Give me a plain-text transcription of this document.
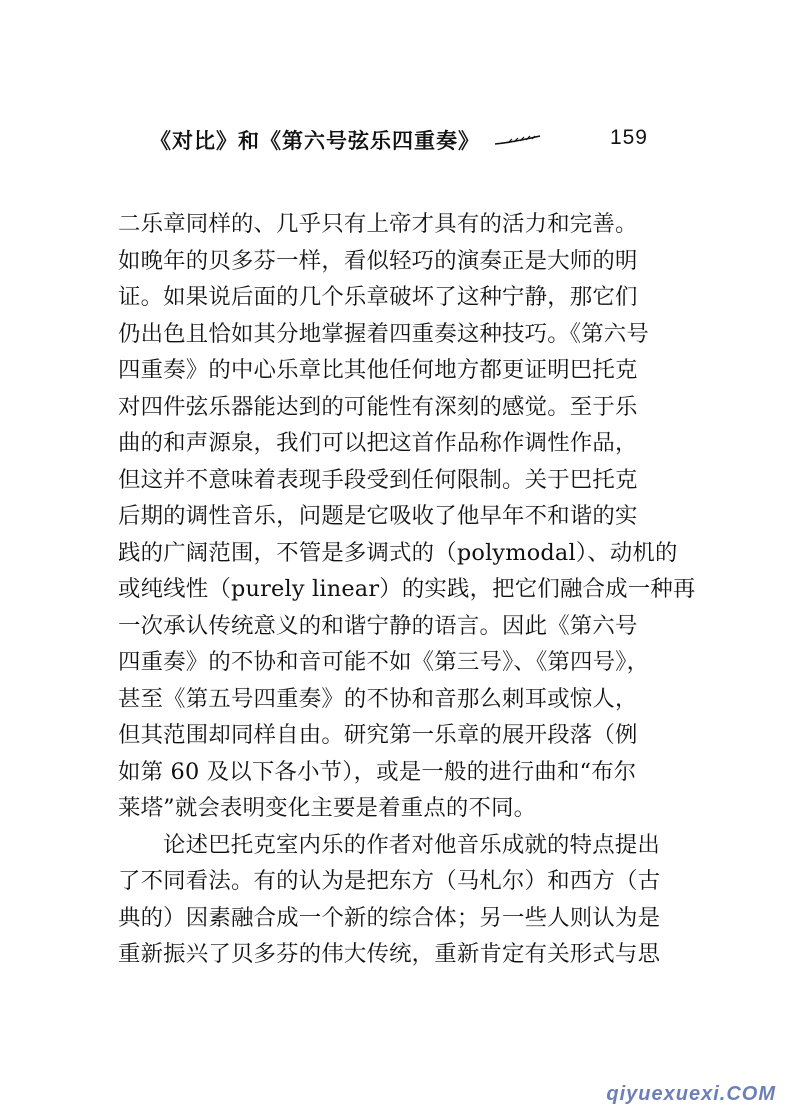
《对比》和《第六号弦乐四重奏》	159
二乐章同样的、几乎只有上帝才具有的活力和完善。
如晚年的贝多芬一样，看似轻巧的演奏正是大师的明
证。如果说后面的几个乐章破坏了这种宁静，那它们
仍出色且恰如其分地掌握着四重奏这种技巧。《第六号
四重奏》的中心乐章比其他任何地方都更证明巴托克
对四件弦乐器能达到的可能性有深刻的感觉。至于乐
曲的和声源泉，我们可以把这首作品称作调性作品，
但这并不意味着表现手段受到任何限制。关于巴托克
后期的调性音乐，问题是它吸收了他早年不和谐的实
践的广阔范围，不管是多调式的（polymodal）、动机的
或纯线性（purely linear）的实践，把它们融合成一种再
一次承认传统意义的和谐宁静的语言。因此《第六号
四重奏》的不协和音可能不如《第三号》、《第四号》，
甚至《第五号四重奏》的不协和音那么刺耳或惊人，
但其范围却同样自由。研究第一乐章的展开段落（例
如第 60 及以下各小节），或是一般的进行曲和“布尔
莱塔”就会表明变化主要是着重点的不同。
论述巴托克室内乐的作者对他音乐成就的特点提出
了不同看法。有的认为是把东方（马札尔）和西方（古
典的）因素融合成一个新的综合体；另一些人则认为是
重新振兴了贝多芬的伟大传统，重新肯定有关形式与思
qiyuexuexi.COM
